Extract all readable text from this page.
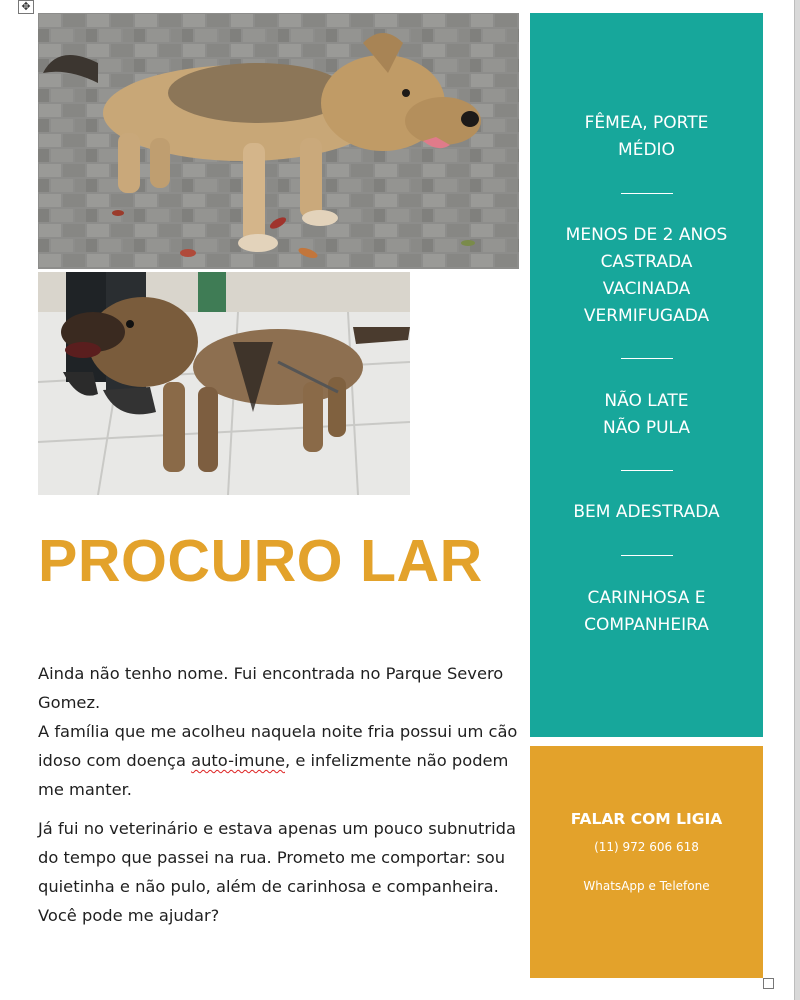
✥
PROCURO LAR

Ainda não tenho nome. Fui encontrada no Parque Severo Gomez.
A família que me acolheu naquela noite fria possui um cão idoso com doença auto-imune, e infelizmente não podem me manter.

Já fui no veterinário e estava apenas um pouco subnutrida do tempo que passei na rua. Prometo me comportar: sou quietinha e não pulo, além de carinhosa e companheira. Você pode me ajudar?

FÊMEA, PORTE
MÉDIO
MENOS DE 2 ANOS
CASTRADA
VACINADA
VERMIFUGADA
NÃO LATE
NÃO PULA
BEM ADESTRADA
CARINHOSA E
COMPANHEIRA
FALAR COM LIGIA
(11) 972 606 618
WhatsApp e Telefone
